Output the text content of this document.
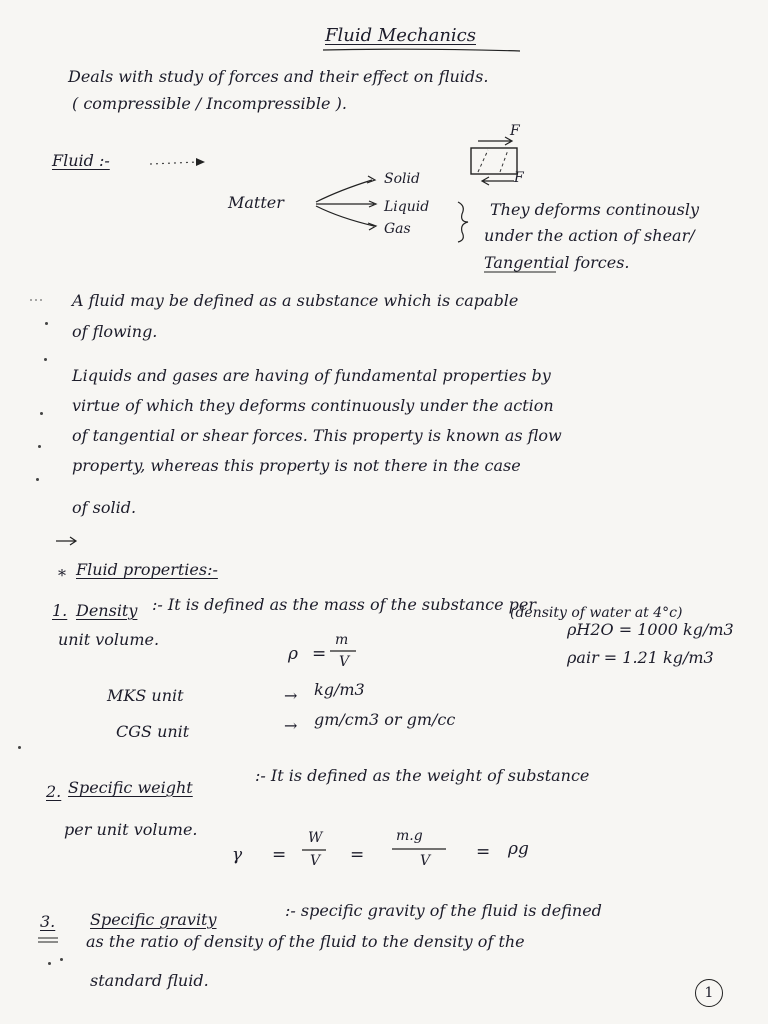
Fluid Mechanics
Deals with study of forces and their effect on fluids.
( compressible / Incompressible ).
Fluid :-
Matter
Solid
Liquid
Gas
F
F
They deforms continously
under the action of shear/
Tangential forces.
A fluid may be defined as a substance which is capable
of flowing.
Liquids and gases are having of fundamental properties by
virtue of which they deforms continuously under the action
of tangential or shear forces. This property is known as flow
property, whereas this property is not there in the case
of solid.
* Fluid properties:-
1. Density :- It is defined as the mass of the substance per
unit volume.
(density of water at 4°c)
ρ =
m
V
ρH2O = 1000 kg/m3
ρair = 1.21 kg/m3
MKS unit	→ kg/m3
CGS unit	→ gm/cm3 or gm/cc
2. Specific weight
:- It is defined as the weight of substance
per unit volume.
γ =
W
V =
m.g
V	= ρg
3. Specific gravity	:- specific gravity of the fluid is defined
as the ratio of density of the fluid to the density of the
standard fluid.
1
